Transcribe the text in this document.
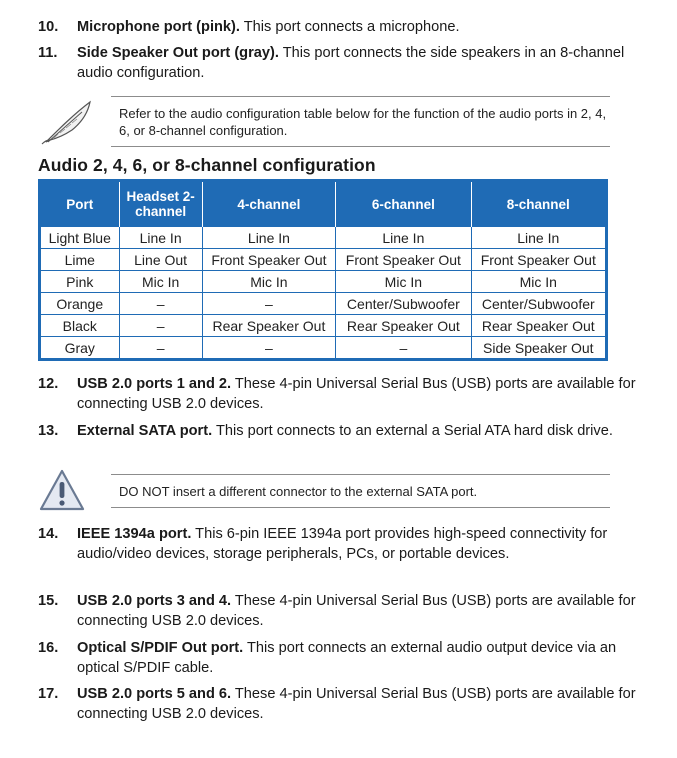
10. Microphone port (pink). This port connects a microphone.
11. Side Speaker Out port (gray). This port connects the side speakers in an 8-channel audio configuration.
Refer to the audio configuration table below for the function of the audio ports in 2, 4, 6, or 8-channel configuration.
Audio 2, 4, 6, or 8-channel configuration
Port	Headset 2-channel	4-channel	6-channel	8-channel
Light Blue	Line In	Line In	Line In	Line In
Lime	Line Out	Front Speaker Out	Front Speaker Out	Front Speaker Out
Pink	Mic In	Mic In	Mic In	Mic In
Orange	–	–	Center/Subwoofer	Center/Subwoofer
Black	–	Rear Speaker Out	Rear Speaker Out	Rear Speaker Out
Gray	–	–	–	Side Speaker Out
12. USB 2.0 ports 1 and 2. These 4-pin Universal Serial Bus (USB) ports are available for connecting USB 2.0 devices.
13. External SATA port. This port connects to an external a Serial ATA hard disk drive.
DO NOT insert a different connector to the external SATA port.
14. IEEE 1394a port. This 6-pin IEEE 1394a port provides high-speed connectivity for audio/video devices, storage peripherals, PCs, or portable devices.
15. USB 2.0 ports 3 and 4. These 4-pin Universal Serial Bus (USB) ports are available for connecting USB 2.0 devices.
16. Optical S/PDIF Out port. This port connects an external audio output device via an optical S/PDIF cable.
17. USB 2.0 ports 5 and 6. These 4-pin Universal Serial Bus (USB) ports are available for connecting USB 2.0 devices.
